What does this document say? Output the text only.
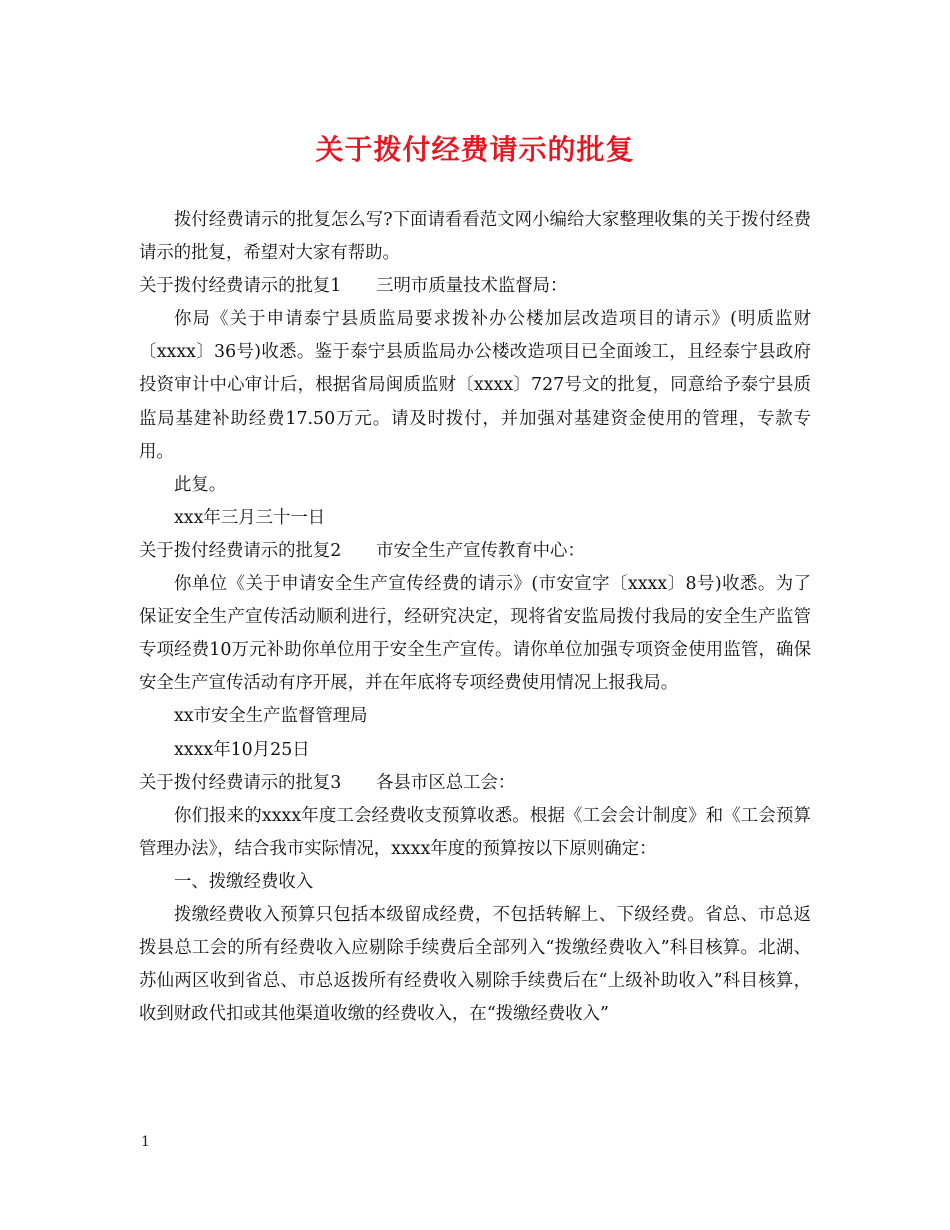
关于拨付经费请示的批复

拨付经费请示的批复怎么写?下面请看看范文网小编给大家整理收集的关于拨付经费请示的批复，希望对大家有帮助。

关于拨付经费请示的批复1　　三明市质量技术监督局：

你局《关于申请泰宁县质监局要求拨补办公楼加层改造项目的请示》(明质监财〔xxxx〕36号)收悉。鉴于泰宁县质监局办公楼改造项目已全面竣工，且经泰宁县政府投资审计中心审计后，根据省局闽质监财〔xxxx〕727号文的批复，同意给予泰宁县质监局基建补助经费17.50万元。请及时拨付，并加强对基建资金使用的管理，专款专用。

此复。

xxx年三月三十一日

关于拨付经费请示的批复2　　市安全生产宣传教育中心：

你单位《关于申请安全生产宣传经费的请示》(市安宣字〔xxxx〕8号)收悉。为了保证安全生产宣传活动顺利进行，经研究决定，现将省安监局拨付我局的安全生产监管专项经费10万元补助你单位用于安全生产宣传。请你单位加强专项资金使用监管，确保安全生产宣传活动有序开展，并在年底将专项经费使用情况上报我局。

xx市安全生产监督管理局

xxxx年10月25日

关于拨付经费请示的批复3　　各县市区总工会：

你们报来的xxxx年度工会经费收支预算收悉。根据《工会会计制度》和《工会预算管理办法》，结合我市实际情况，xxxx年度的预算按以下原则确定：

一、拨缴经费收入

拨缴经费收入预算只包括本级留成经费，不包括转解上、下级经费。省总、市总返拨县总工会的所有经费收入应剔除手续费后全部列入“拨缴经费收入”科目核算。北湖、苏仙两区收到省总、市总返拨所有经费收入剔除手续费后在“上级补助收入”科目核算，收到财政代扣或其他渠道收缴的经费收入，在“拨缴经费收入”

1
